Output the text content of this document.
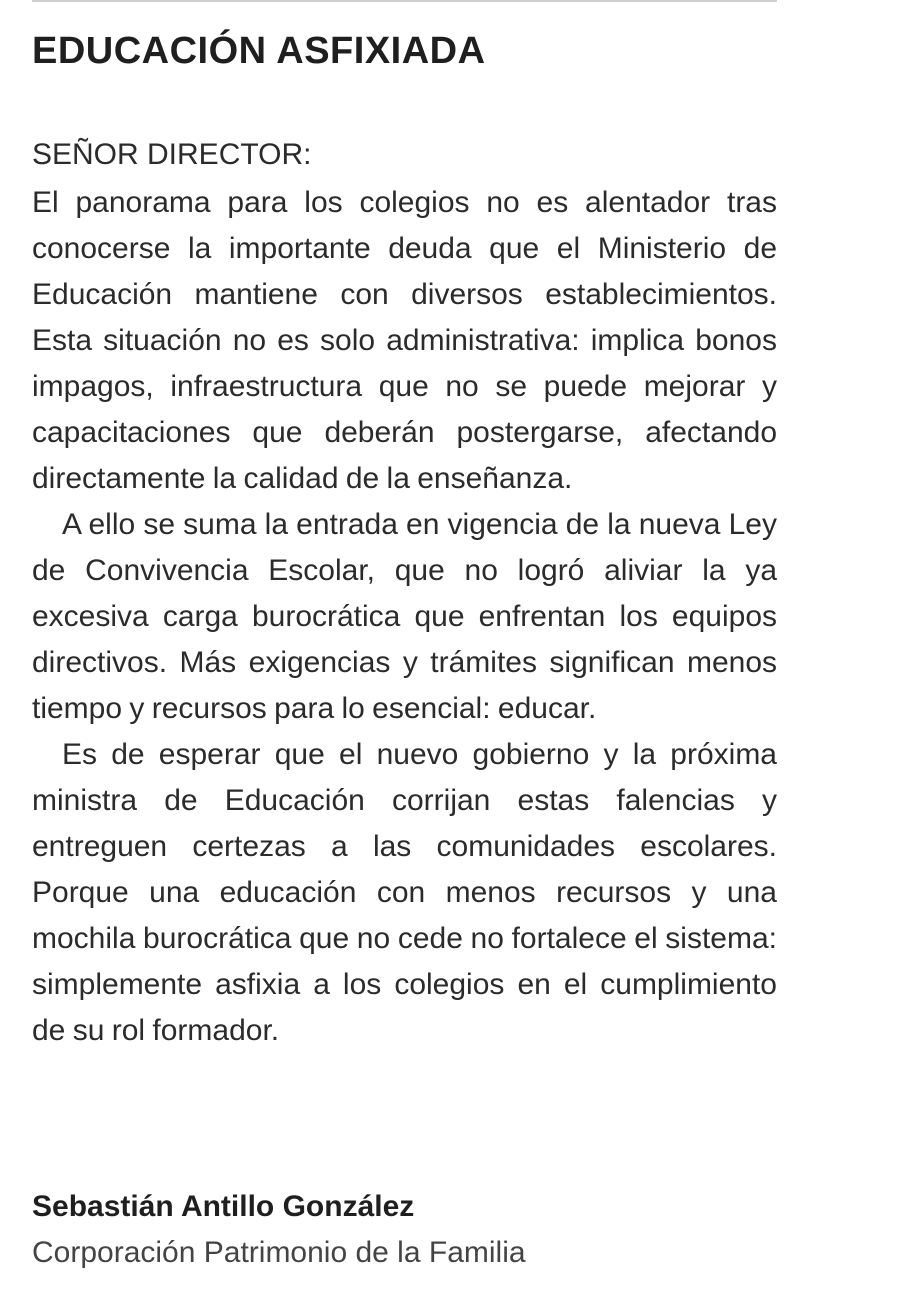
EDUCACIÓN ASFIXIADA
SEÑOR DIRECTOR:

El panorama para los colegios no es alentador tras conocerse la importante deuda que el Ministerio de Educación mantiene con diversos establecimientos. Esta situación no es solo administrativa: implica bonos impagos, infraestructura que no se puede mejorar y capacitaciones que deberán postergarse, afectando directamente la calidad de la enseñanza.

A ello se suma la entrada en vigencia de la nueva Ley de Convivencia Escolar, que no logró aliviar la ya excesiva carga burocrática que enfrentan los equipos directivos. Más exigencias y trámites significan menos tiempo y recursos para lo esencial: educar.

Es de esperar que el nuevo gobierno y la próxima ministra de Educación corrijan estas falencias y entreguen certezas a las comunidades escolares. Porque una educación con menos recursos y una mochila burocrática que no cede no fortalece el sistema: simplemente asfixia a los colegios en el cumplimiento de su rol formador.

Sebastián Antillo González
Corporación Patrimonio de la Familia
